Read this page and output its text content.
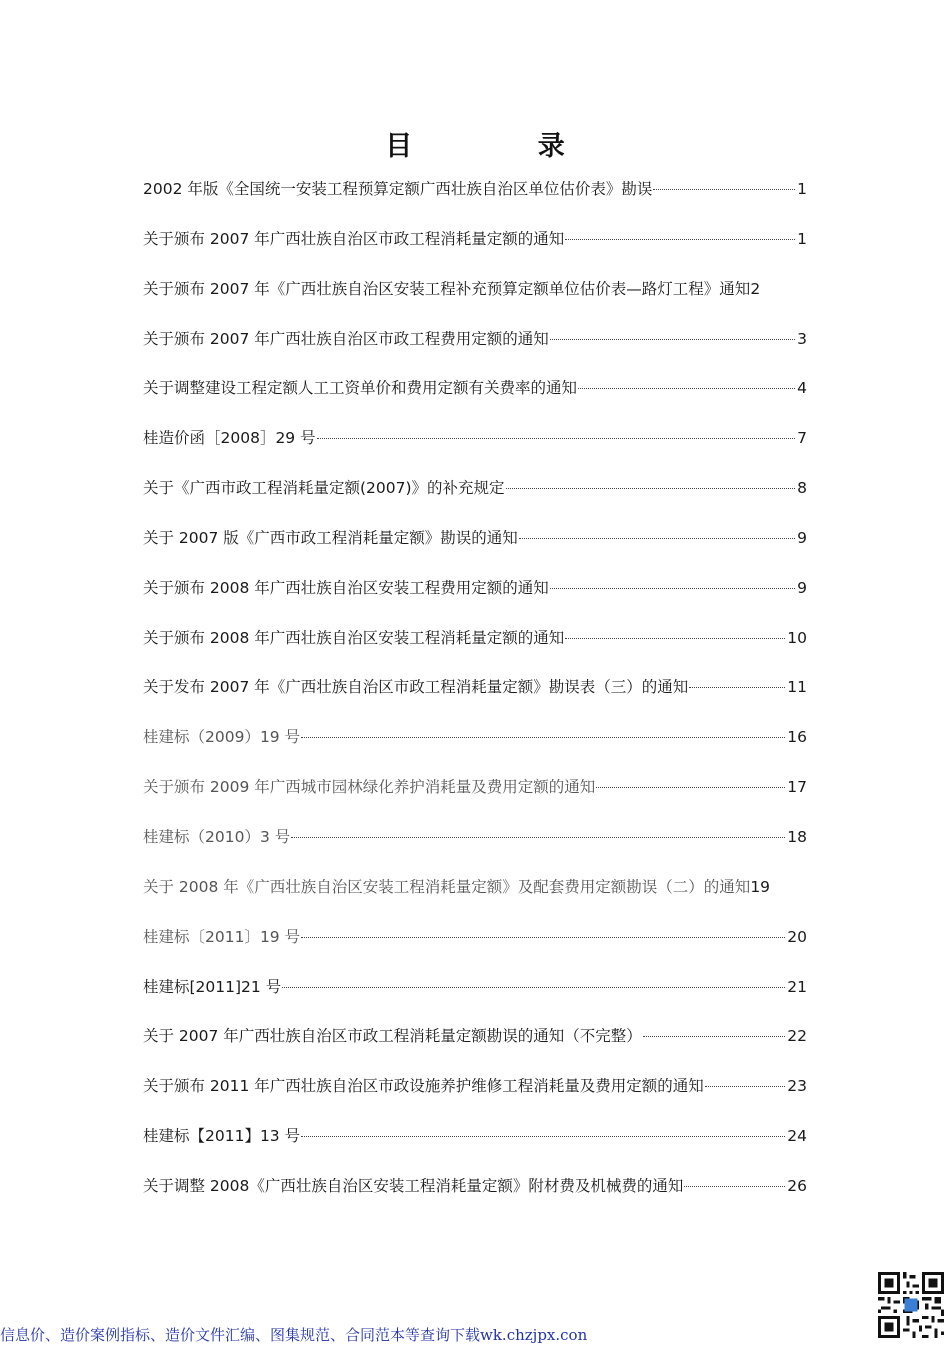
目 录
2002 年版《全国统一安装工程预算定额广西壮族自治区单位估价表》勘误	1
关于颁布 2007 年广西壮族自治区市政工程消耗量定额的通知	1
关于颁布 2007 年《广西壮族自治区安装工程补充预算定额单位估价表—路灯工程》通知 2
关于颁布 2007 年广西壮族自治区市政工程费用定额的通知	3
关于调整建设工程定额人工工资单价和费用定额有关费率的通知	4
桂造价函［2008］29 号	7
关于《广西市政工程消耗量定额(2007)》的补充规定	8
关于 2007 版《广西市政工程消耗量定额》勘误的通知	9
关于颁布 2008 年广西壮族自治区安装工程费用定额的通知	9
关于颁布 2008 年广西壮族自治区安装工程消耗量定额的通知	10
关于发布 2007 年《广西壮族自治区市政工程消耗量定额》勘误表（三）的通知	11
桂建标（2009）19 号	16
关于颁布 2009 年广西城市园林绿化养护消耗量及费用定额的通知	17
桂建标（2010）3 号	18
关于 2008 年《广西壮族自治区安装工程消耗量定额》及配套费用定额勘误（二）的通知 19
桂建标〔2011〕19 号	20
桂建标[2011]21 号	21
关于 2007 年广西壮族自治区市政工程消耗量定额勘误的通知（不完整）	22
关于颁布 2011 年广西壮族自治区市政设施养护维修工程消耗量及费用定额的通知	23
桂建标【2011】13 号	24
关于调整 2008《广西壮族自治区安装工程消耗量定额》附材费及机械费的通知	26
信息价、造价案例指标、造价文件汇编、图集规范、合同范本等查询下载wk.chzjpx.con
